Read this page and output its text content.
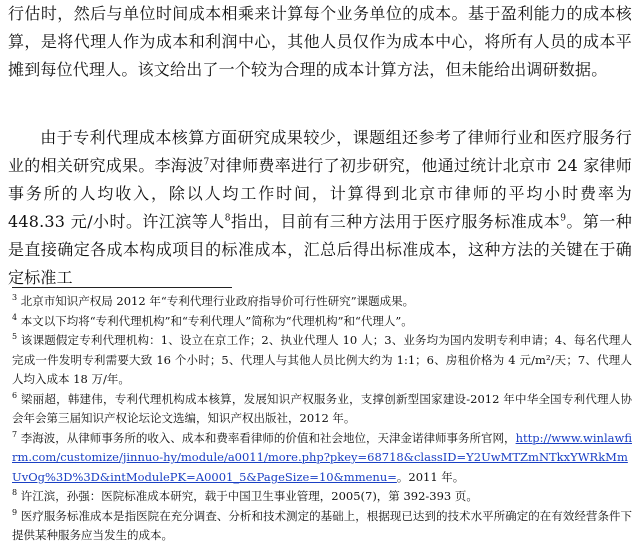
行估时，然后与单位时间成本相乘来计算每个业务单位的成本。基于盈利能力的成本核算，是将代理人作为成本和利润中心，其他人员仅作为成本中心，将所有人员的成本平摊到每位代理人。该文给出了一个较为合理的成本计算方法，但未能给出调研数据。

由于专利代理成本核算方面研究成果较少，课题组还参考了律师行业和医疗服务行业的相关研究成果。李海波$^7$对律师费率进行了初步研究，他通过统计北京市 24 家律师事务所的人均收入，除以人均工作时间，计算得到北京市律师的平均小时费率为 448.33 元/小时。许江滨等人$^8$指出，目前有三种方法用于医疗服务标准成本$^9$。第一种是直接确定各成本构成项目的标准成本，汇总后得出标准成本，这种方法的关键在于确定标准工

$^3$ 北京市知识产权局 2012 年“专利代理行业政府指导价可行性研究”课题成果。

$^4$ 本文以下均将“专利代理机构”和“专利代理人”简称为“代理机构”和“代理人”。

$^5$ 该课题假定专利代理机构：1、设立在京工作；2、执业代理人 10 人；3、业务均为国内发明专利申请；4、每名代理人完成一件发明专利需要大致 16 个小时；5、代理人与其他人员比例大约为 1:1；6、房租价格为 4 元/m²/天；7、代理人人均入成本 18 万/年。

$^6$ 梁丽超，韩建伟，专利代理机构成本核算，发展知识产权服务业，支撑创新型国家建设-2012 年中华全国专利代理人协会年会第三届知识产权论坛论文选编，知识产权出版社，2012 年。

$^7$ 李海波，从律师事务所的收入、成本和费率看律师的价值和社会地位，天津金诺律师事务所官网，http://www.winlawfirm.com/customize/jinnuo-hy/module/a0011/more.php?pkey=68718&classID=Y2UwMTZmNTkxYWRkMmUvOg%3D%3D&intModulePK=A0001_5&PageSize=10&mmenu=。2011 年。

$^8$ 许江滨，孙强：医院标准成本研究，载于中国卫生事业管理，2005(7)，第 392-393 页。

$^9$ 医疗服务标准成本是指医院在充分调查、分析和技术测定的基础上，根据现已达到的技术水平所确定的在有效经营条件下提供某种服务应当发生的成本。
